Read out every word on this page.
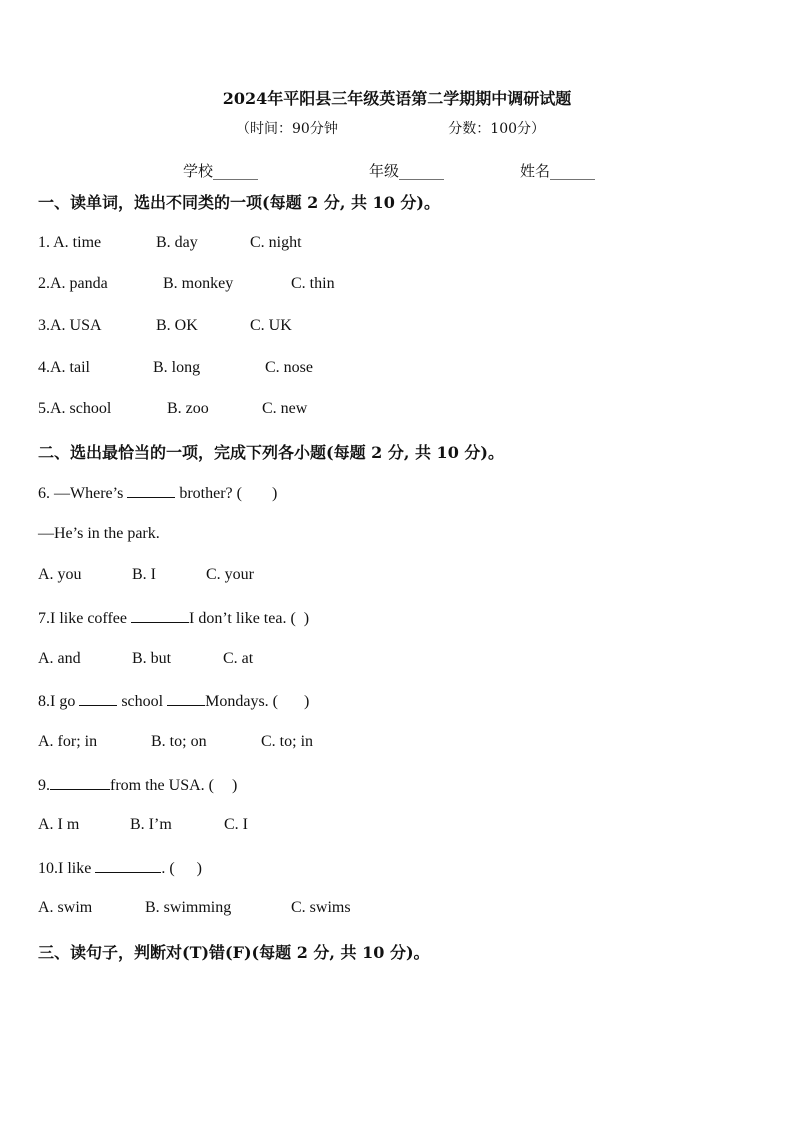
2024年平阳县三年级英语第二学期期中调研试题
（时间：90分钟	分数：100分）
学校______	年级______	姓名______
一、读单词，选出不同类的一项(每题 2 分, 共 10 分)。
1. A. time	B. day	C. night
2.A. panda	B. monkey	C. thin
3.A. USA	B. OK	C. UK
4.A. tail	B. long	C. nose
5.A. school	B. zoo	C. new
二、选出最恰当的一项，完成下列各小题(每题 2 分, 共 10 分)。
6. —Where’s	brother? ( )
—He’s in the park.
A. you	B. I	C. your
7.I like coffee	I don’t like tea. ( )
A. and	B. but	C. at
8.I go	school	Mondays. ( )
A. for; in	B. to; on	C. to; in
9.	from the USA. ( )
A. I m	B. I’m	C. I
10.I like	. ( )
A. swim	B. swimming	C. swims
三、读句子，判断对(T)错(F)(每题 2 分, 共 10 分)。
